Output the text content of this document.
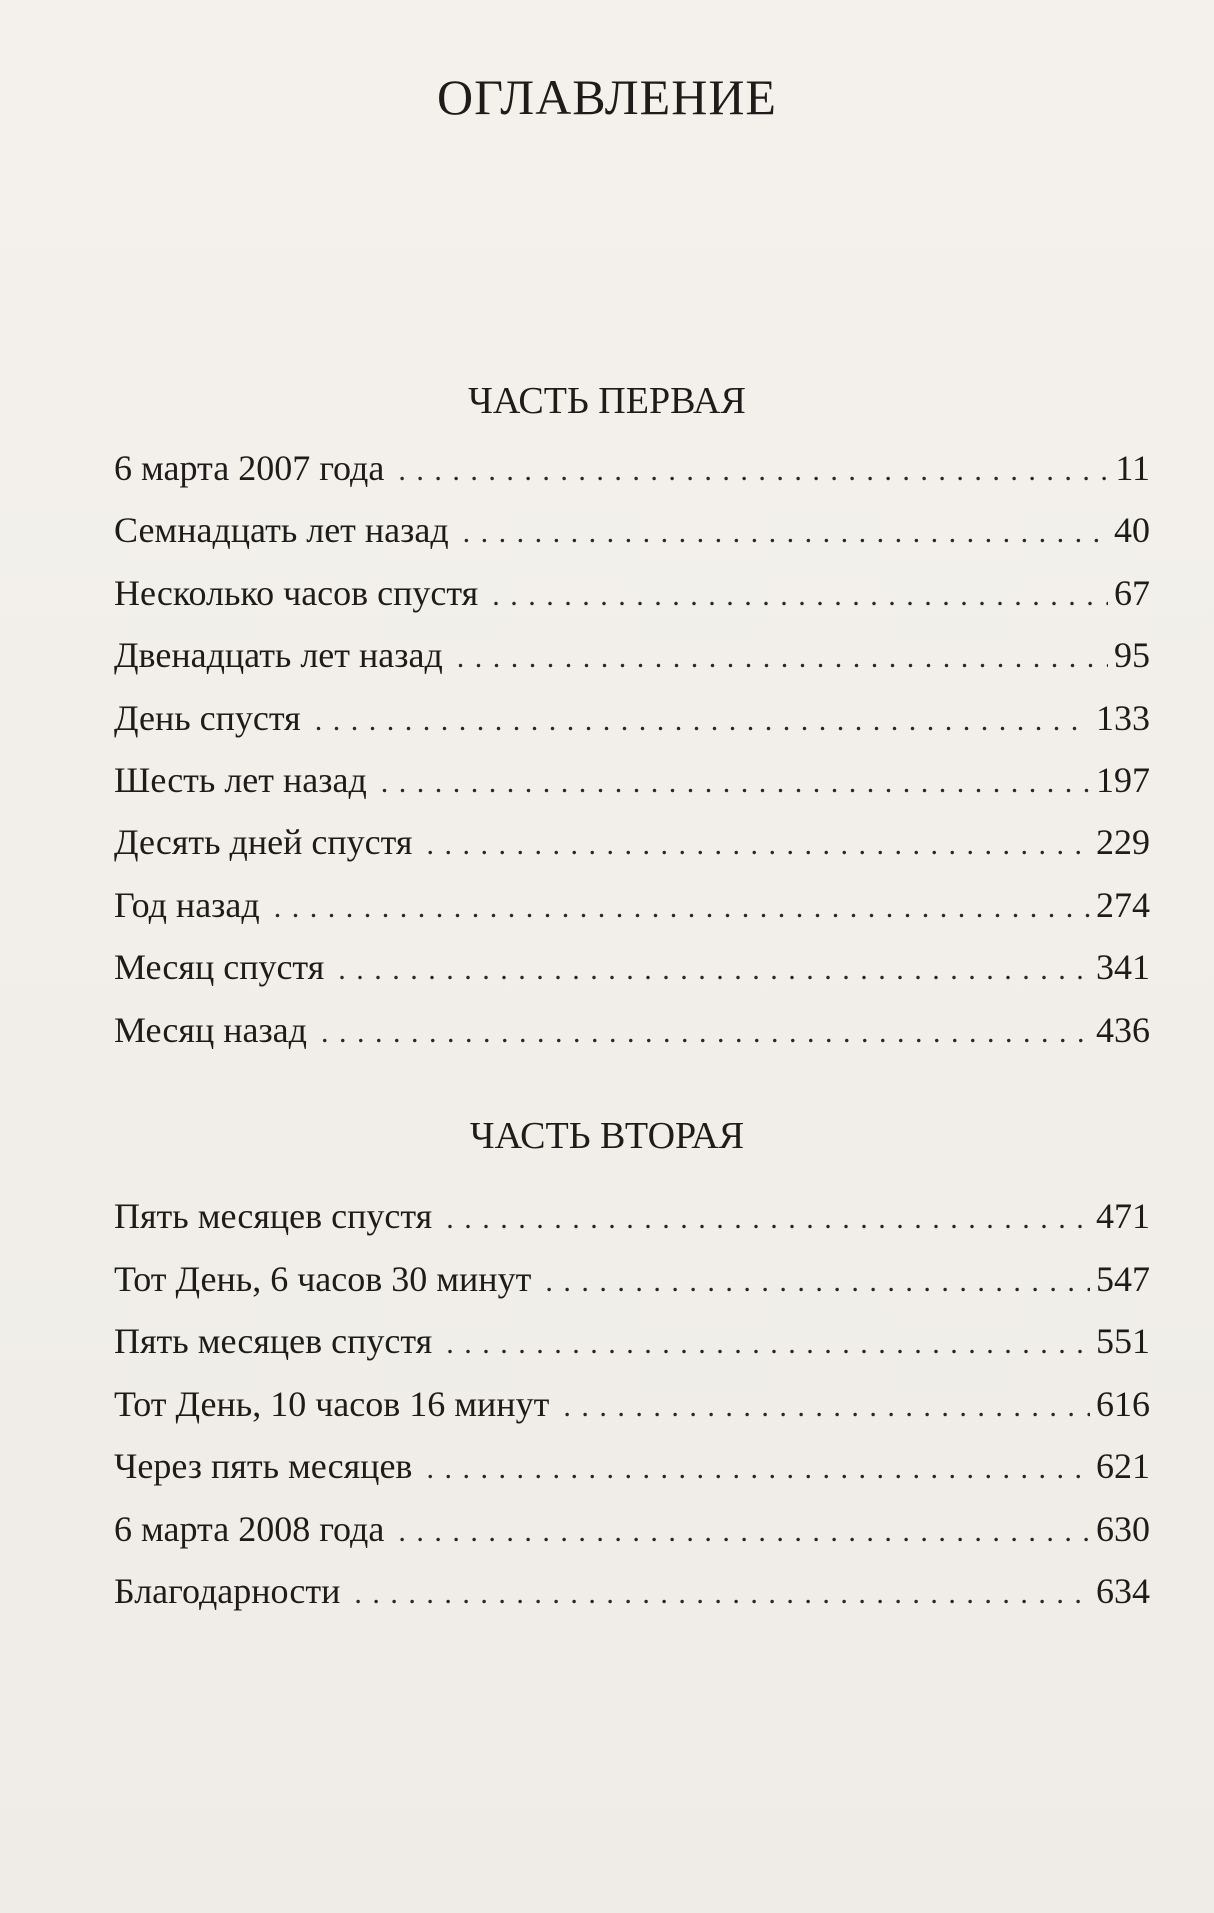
ОГЛАВЛЕНИЕ
ЧАСТЬ ПЕРВАЯ
6 марта 2007 года . . .	11
Семнадцать лет назад . . .	40
Несколько часов спустя . . .	67
Двенадцать лет назад . . .	95
День спустя . . .	133
Шесть лет назад . . .	197
Десять дней спустя . . .	229
Год назад . . .	274
Месяц спустя . . .	341
Месяц назад . . .	436
ЧАСТЬ ВТОРАЯ
Пять месяцев спустя . . .	471
Тот День, 6 часов 30 минут . . .	547
Пять месяцев спустя . . .	551
Тот День, 10 часов 16 минут . . .	616
Через пять месяцев . . .	621
6 марта 2008 года . . .	630
Благодарности . . .	634
